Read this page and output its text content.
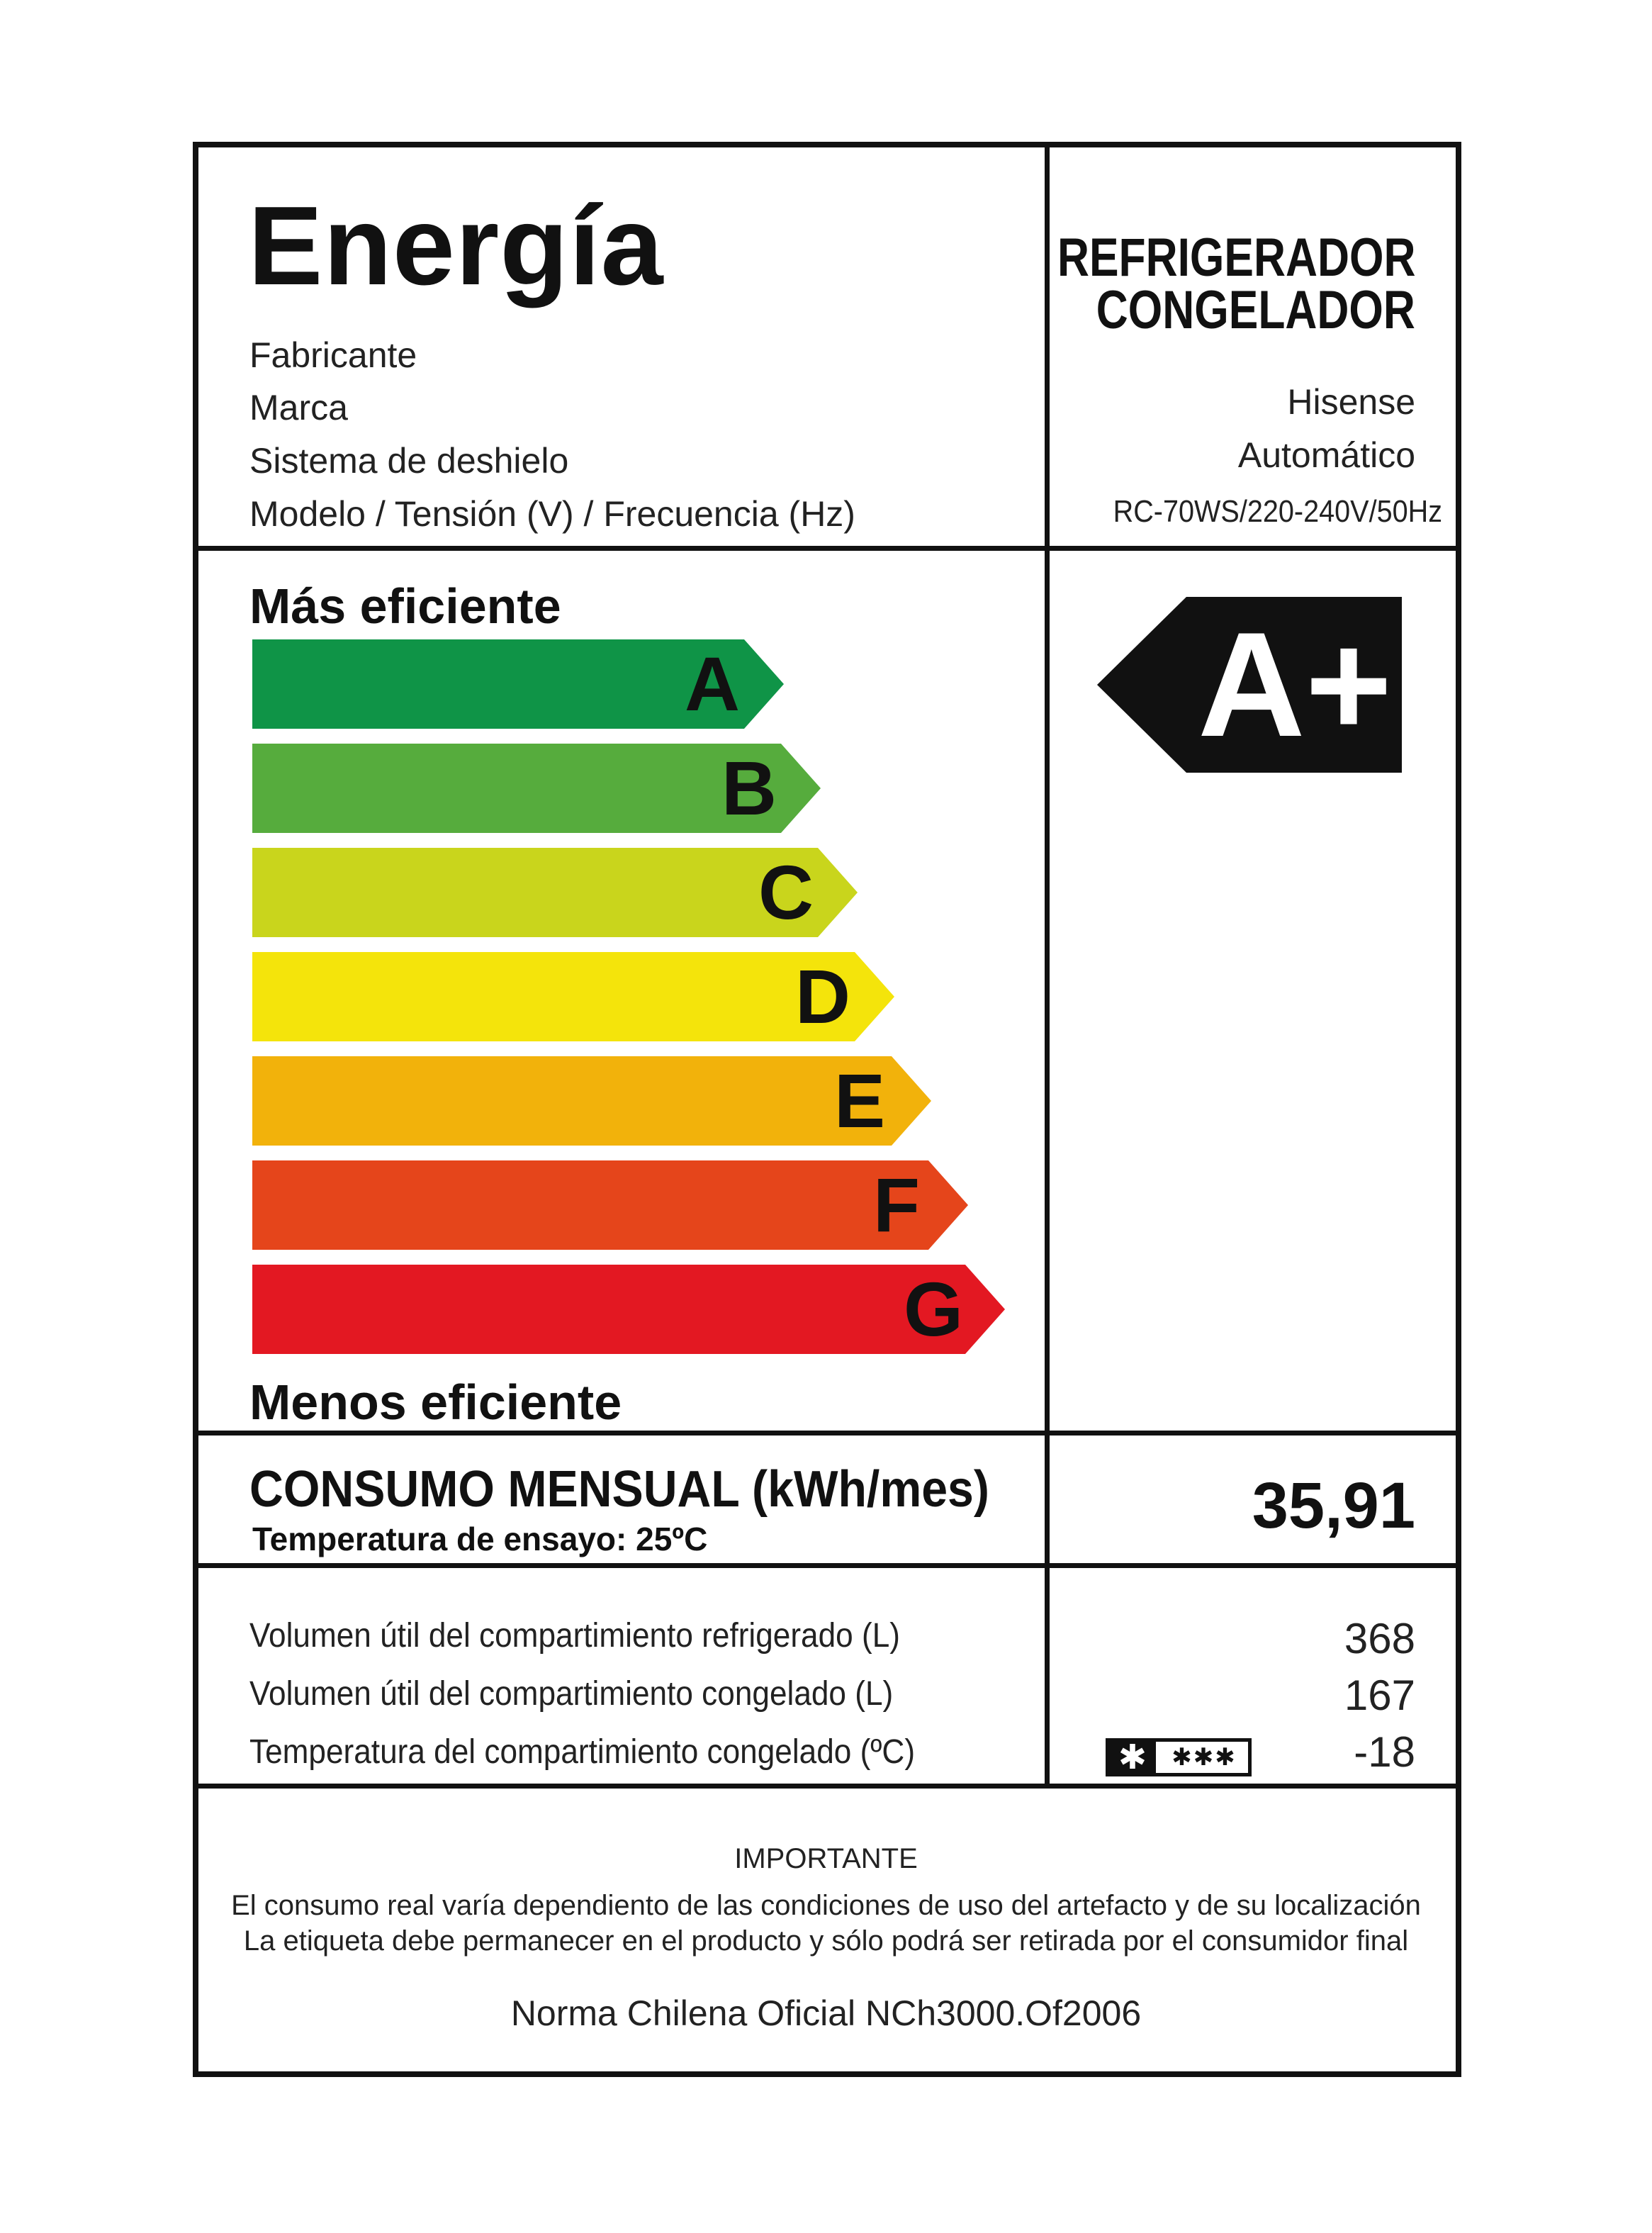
Energía
Fabricante
Marca
Sistema de deshielo
Modelo / Tensión (V) / Frecuencia (Hz)
REFRIGERADOR
CONGELADOR
Hisense
Automático
RC-70WS/220-240V/50Hz
Más eficiente
Menos eficiente
A
B
C
D
E
F
G
A+
CONSUMO MENSUAL (kWh/mes)
Temperatura de ensayo: 25ºC	35,91
Volumen útil del compartimiento refrigerado (L)
Volumen útil del compartimiento congelado (L)
Temperatura del compartimiento congelado (ºC)
368
167
-18
✱	✱✱✱
IMPORTANTE
El consumo real varía dependiento de las condiciones de uso del artefacto y de su localización
La etiqueta debe permanecer en el producto y sólo podrá ser retirada por el consumidor final
Norma Chilena Oficial NCh3000.Of2006
